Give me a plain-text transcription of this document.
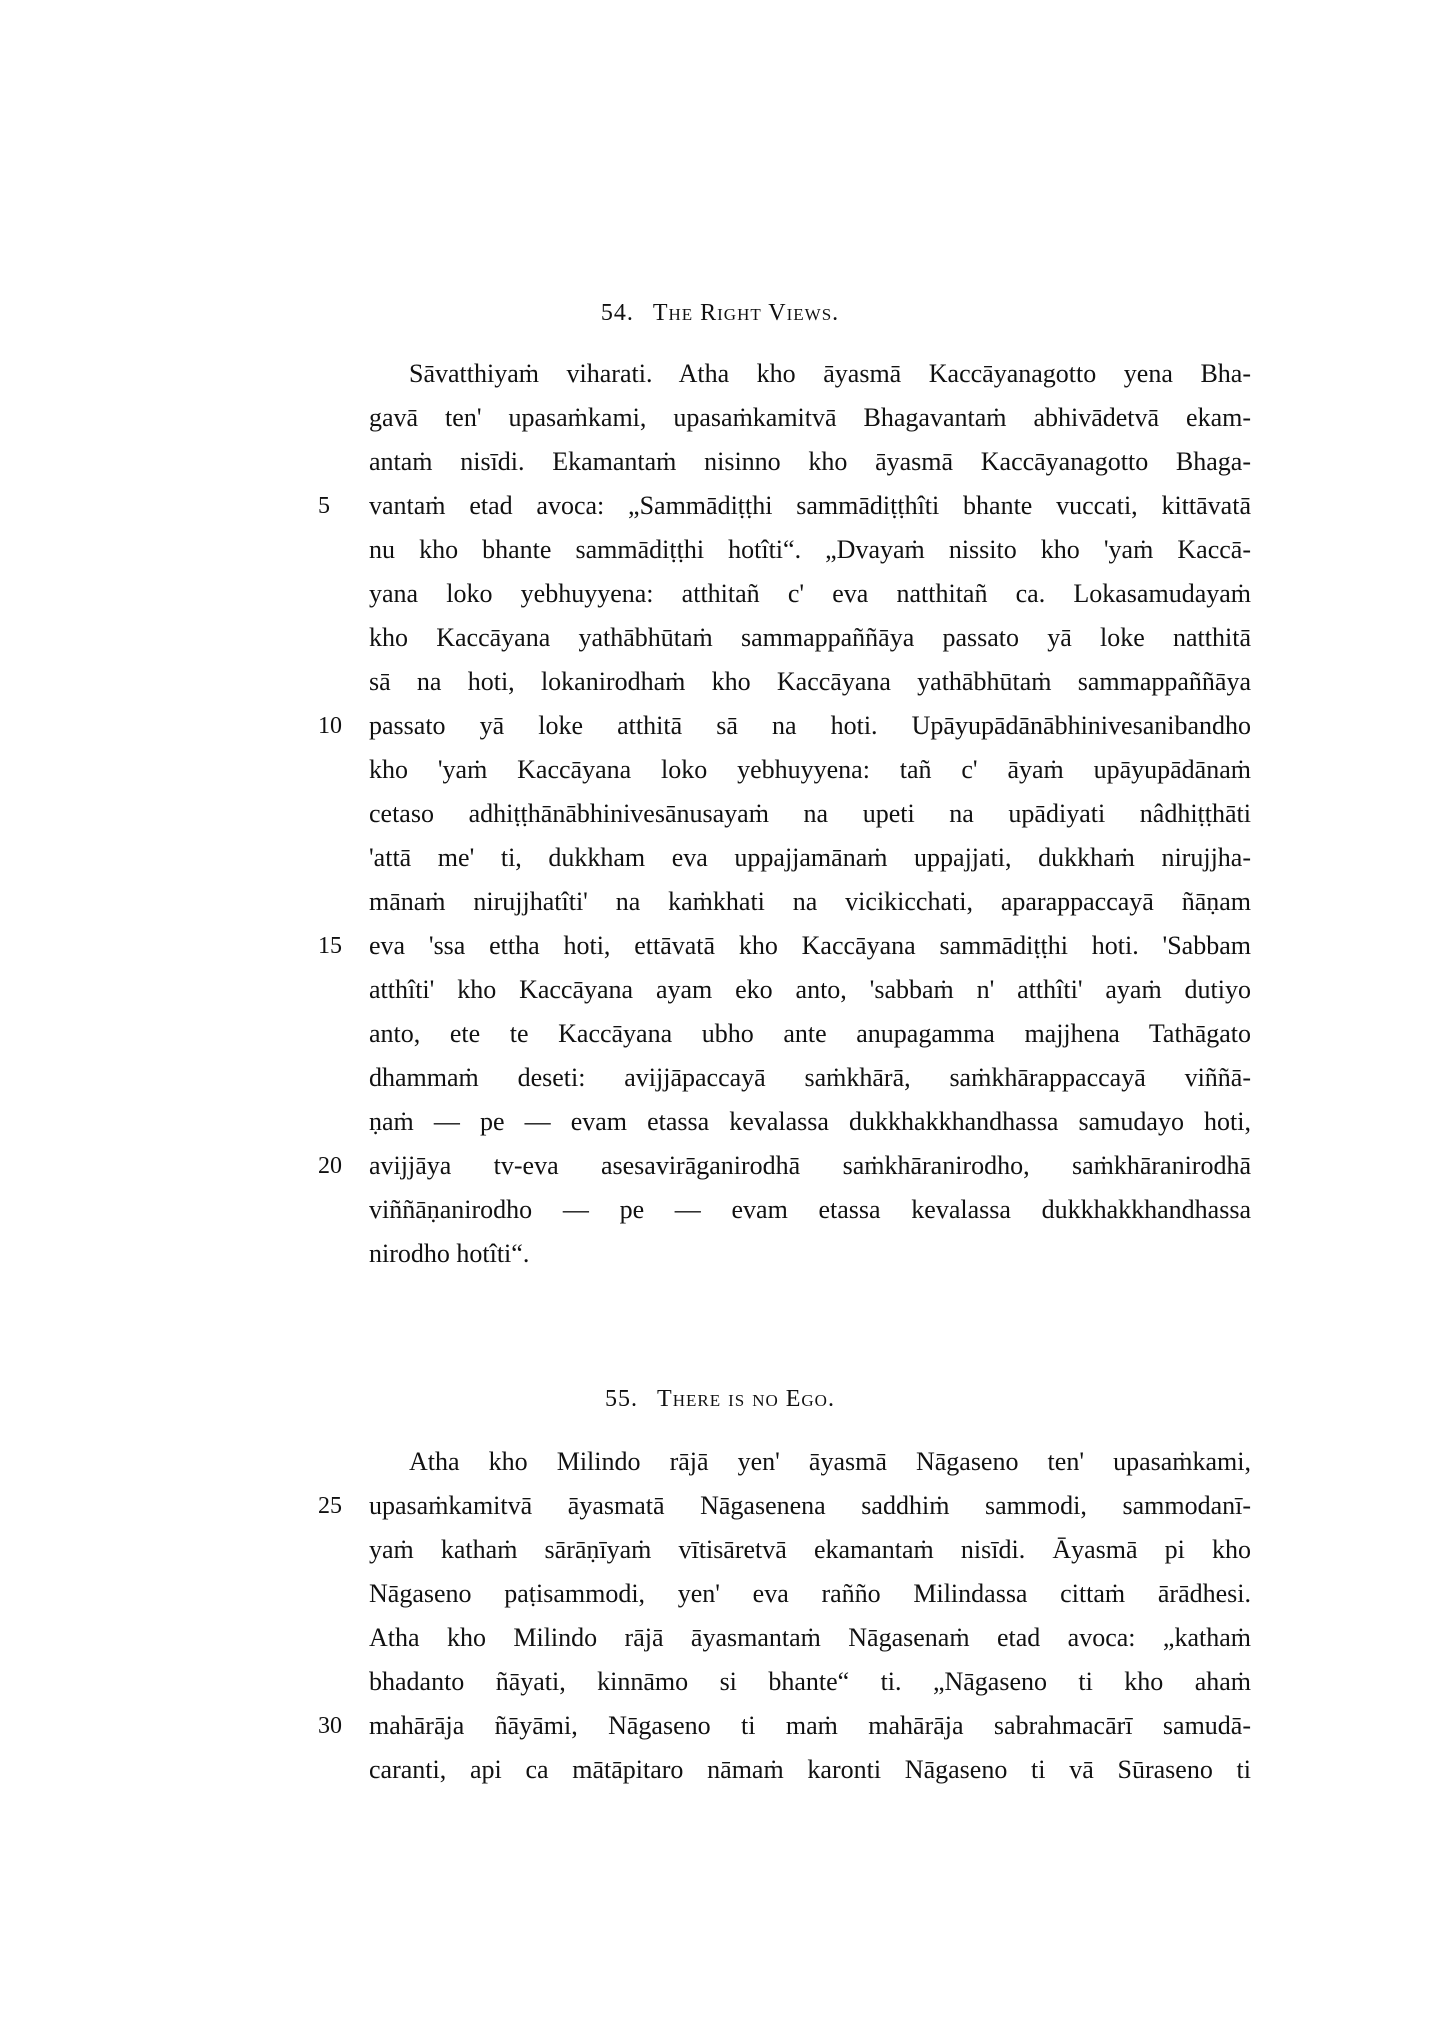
54. The Right Views.
Sāvatthiyaṁ viharati. Atha kho āyasmā Kaccāyanagotto yena Bha-
gavā ten' upasaṁkami, upasaṁkamitvā Bhagavantaṁ abhivādetvā ekam-
antaṁ nisīdi. Ekamantaṁ nisinno kho āyasmā Kaccāyanagotto Bhaga-
5	vantaṁ etad avoca: „Sammādiṭṭhi sammādiṭṭhîti bhante vuccati, kittāvatā
nu kho bhante sammādiṭṭhi hotîti“. „Dvayaṁ nissito kho 'yaṁ Kaccā-
yana loko yebhuyyena: atthitañ c' eva natthitañ ca. Lokasamudayaṁ
kho Kaccāyana yathābhūtaṁ sammappaññāya passato yā loke natthitā
sā na hoti, lokanirodhaṁ kho Kaccāyana yathābhūtaṁ sammappaññāya
10	passato yā loke atthitā sā na hoti. Upāyupādānābhinivesanibandho
kho 'yaṁ Kaccāyana loko yebhuyyena: tañ c' āyaṁ upāyupādānaṁ
cetaso adhiṭṭhānābhinivesānusayaṁ na upeti na upādiyati nâdhiṭṭhāti
'attā me' ti, dukkham eva uppajjamānaṁ uppajjati, dukkhaṁ nirujjha-
mānaṁ nirujjhatîti' na kaṁkhati na vicikicchati, aparappaccayā ñāṇam
15	eva 'ssa ettha hoti, ettāvatā kho Kaccāyana sammādiṭṭhi hoti. 'Sabbam
atthîti' kho Kaccāyana ayam eko anto, 'sabbaṁ n' atthîti' ayaṁ dutiyo
anto, ete te Kaccāyana ubho ante anupagamma majjhena Tathāgato
dhammaṁ deseti: avijjāpaccayā saṁkhārā, saṁkhārappaccayā viññā-
ṇaṁ — pe — evam etassa kevalassa dukkhakkhandhassa samudayo hoti,
20	avijjāya tv-eva asesavirāganirodhā saṁkhāranirodho, saṁkhāranirodhā
viññāṇanirodho — pe — evam etassa kevalassa dukkhakkhandhassa
nirodho hotîti“.
55. There is no Ego.
Atha kho Milindo rājā yen' āyasmā Nāgaseno ten' upasaṁkami,
25	upasaṁkamitvā āyasmatā Nāgasenena saddhiṁ sammodi, sammodanī-
yaṁ kathaṁ sārāṇīyaṁ vītisāretvā ekamantaṁ nisīdi. Āyasmā pi kho
Nāgaseno paṭisammodi, yen' eva rañño Milindassa cittaṁ ārādhesi.
Atha kho Milindo rājā āyasmantaṁ Nāgasenaṁ etad avoca: „kathaṁ
bhadanto ñāyati, kinnāmo si bhante“ ti. „Nāgaseno ti kho ahaṁ
30	mahārāja ñāyāmi, Nāgaseno ti maṁ mahārāja sabrahmacārī samudā-
caranti, api ca mātāpitaro nāmaṁ karonti Nāgaseno ti vā Sūraseno ti
